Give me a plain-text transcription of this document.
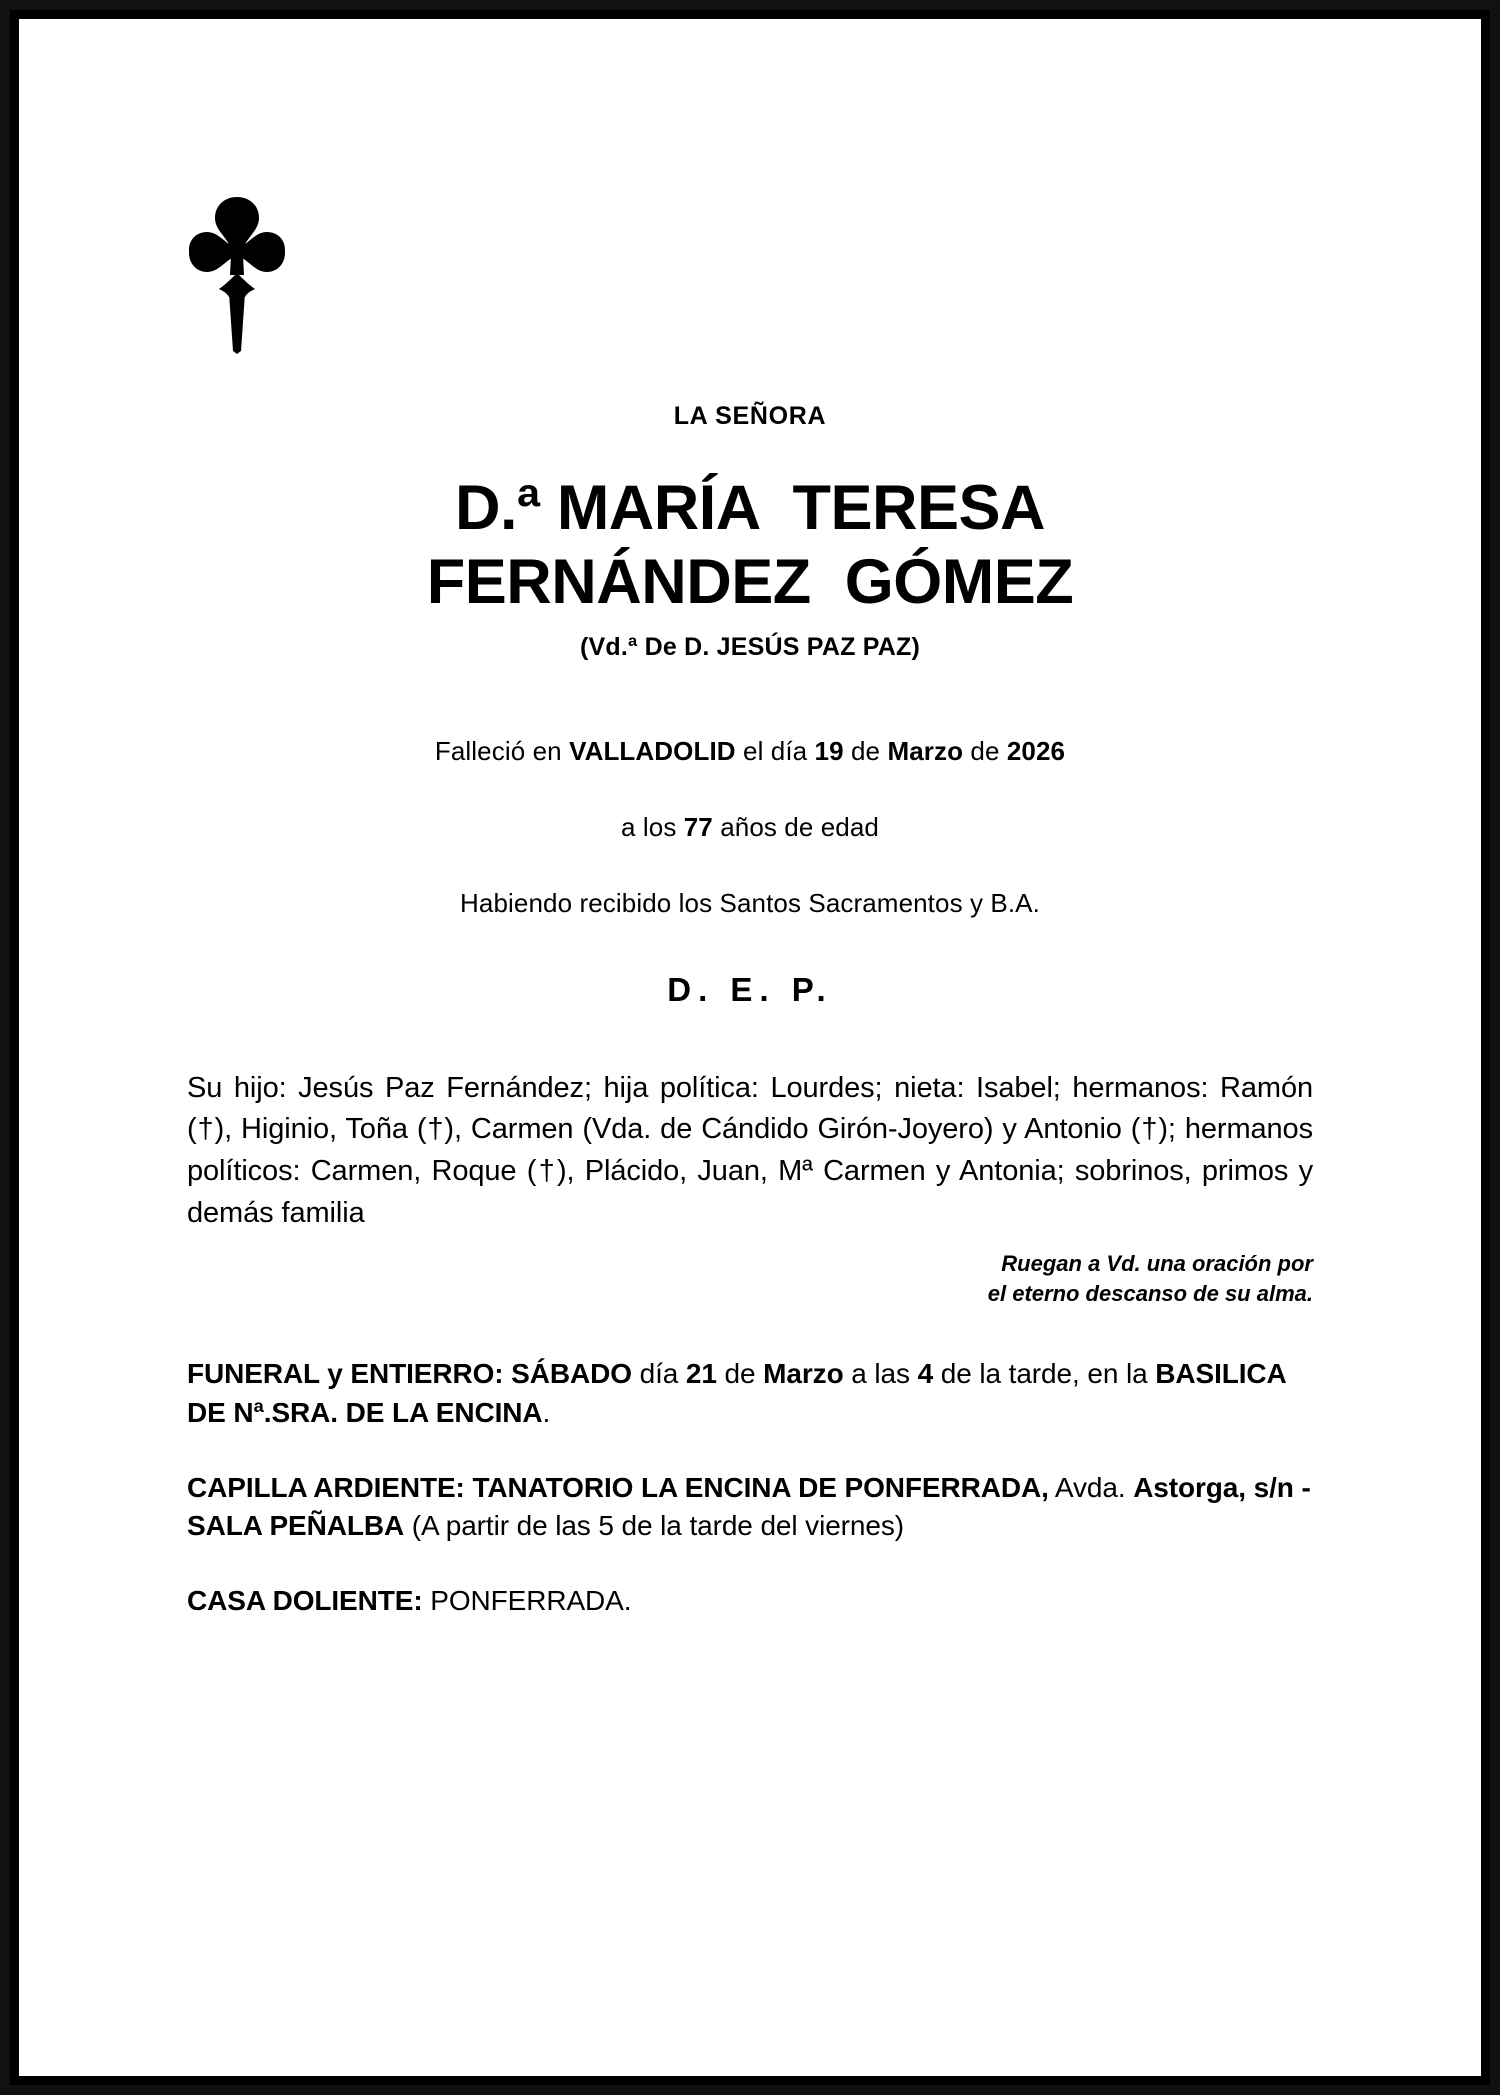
LA SEÑORA
D.ª MARÍA  TERESA
FERNÁNDEZ  GÓMEZ
(Vd.ª De D. JESÚS PAZ PAZ)

Falleció en VALLADOLID el día 19 de Marzo de 2026

a los 77 años de edad

Habiendo recibido los Santos Sacramentos y B.A.

D. E. P.
Su hijo: Jesús Paz Fernández; hija política: Lourdes; nieta: Isabel; hermanos: Ramón (†), Higinio, Toña (†), Carmen (Vda. de Cándido Girón-Joyero) y Antonio (†); hermanos políticos: Carmen, Roque (†), Plácido, Juan, Mª Carmen y Antonia; sobrinos, primos y demás familia
Ruegan a Vd. una oración por
el eterno descanso de su alma.
FUNERAL y ENTIERRO: SÁBADO día 21 de Marzo a las 4 de la tarde, en la BASILICA DE Nª.SRA. DE LA ENCINA.
CAPILLA ARDIENTE: TANATORIO LA ENCINA DE PONFERRADA, Avda. Astorga, s/n - SALA PEÑALBA (A partir de las 5 de la tarde del viernes)
CASA DOLIENTE: PONFERRADA.
